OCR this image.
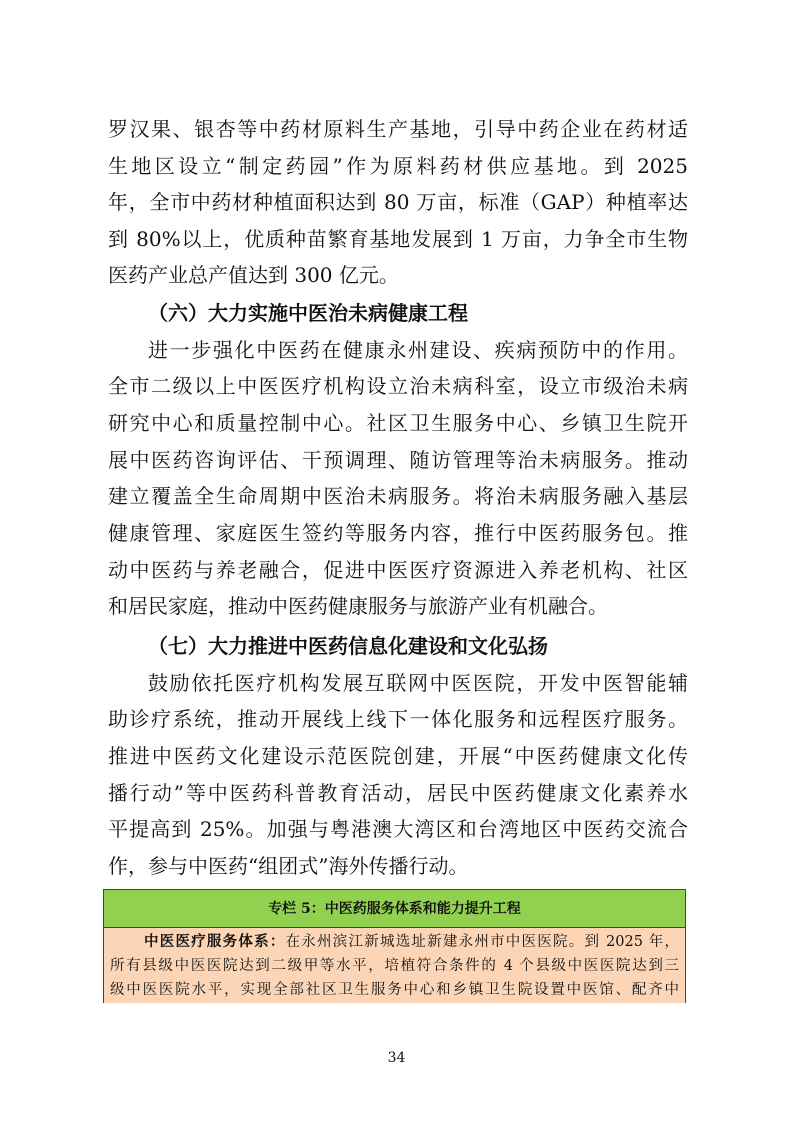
罗汉果、银杏等中药材原料生产基地，引导中药企业在药材适
生地区设立“制定药园”作为原料药材供应基地。到 2025
年，全市中药材种植面积达到 80 万亩，标准（GAP）种植率达
到 80%以上，优质种苗繁育基地发展到 1 万亩，力争全市生物
医药产业总产值达到 300 亿元。
（六）大力实施中医治未病健康工程
进一步强化中医药在健康永州建设、疾病预防中的作用。
全市二级以上中医医疗机构设立治未病科室，设立市级治未病
研究中心和质量控制中心。社区卫生服务中心、乡镇卫生院开
展中医药咨询评估、干预调理、随访管理等治未病服务。推动
建立覆盖全生命周期中医治未病服务。将治未病服务融入基层
健康管理、家庭医生签约等服务内容，推行中医药服务包。推
动中医药与养老融合，促进中医医疗资源进入养老机构、社区
和居民家庭，推动中医药健康服务与旅游产业有机融合。
（七）大力推进中医药信息化建设和文化弘扬
鼓励依托医疗机构发展互联网中医医院，开发中医智能辅
助诊疗系统，推动开展线上线下一体化服务和远程医疗服务。
推进中医药文化建设示范医院创建，开展“中医药健康文化传
播行动”等中医药科普教育活动，居民中医药健康文化素养水
平提高到 25%。加强与粤港澳大湾区和台湾地区中医药交流合
作，参与中医药“组团式”海外传播行动。
专栏 5：中医药服务体系和能力提升工程
中医医疗服务体系：在永州滨江新城选址新建永州市中医医院。到 2025 年，
所有县级中医医院达到二级甲等水平，培植符合条件的 4 个县级中医医院达到三
级中医医院水平，实现全部社区卫生服务中心和乡镇卫生院设置中医馆、配齐中
34
